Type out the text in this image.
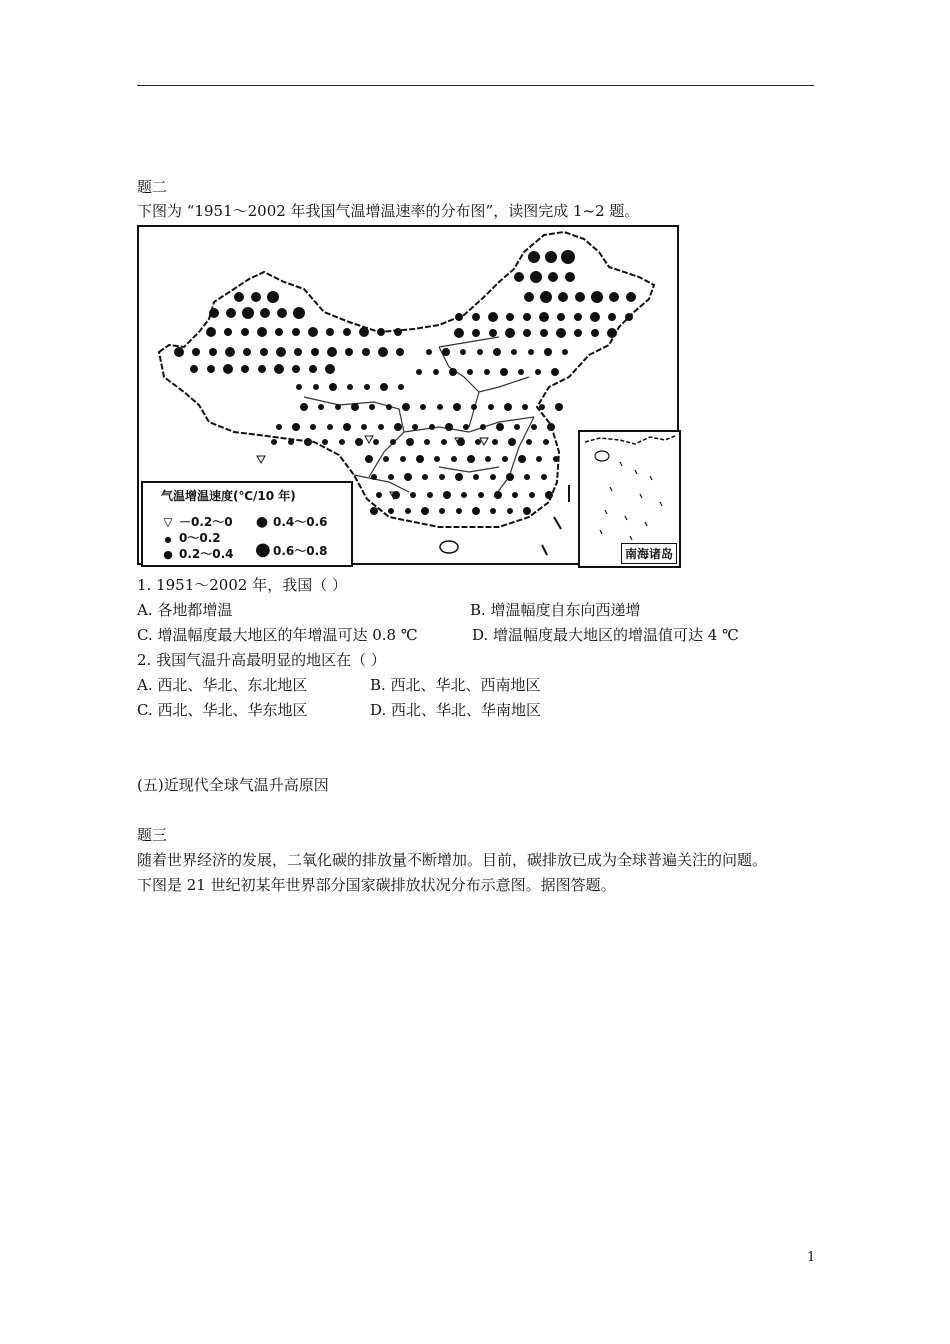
题二
下图为 “1951～2002 年我国气温增温速率的分布图”，读图完成 1~2 题。
气温增温速度(℃/10 年)
▽ －0.2～0 ● 0.4～0.6
● 0～0.2
● 0.2～0.4 ● 0.6～0.8	南海诸岛
1. 1951～2002 年，我国（ ）
A. 各地都增温	B. 增温幅度自东向西递增
C. 增温幅度最大地区的年增温可达 0.8 ℃	D. 增温幅度最大地区的增温值可达 4 ℃
2. 我国气温升高最明显的地区在（ ）
A. 西北、华北、东北地区	B. 西北、华北、西南地区
C. 西北、华北、华东地区	D. 西北、华北、华南地区
(五)近现代全球气温升高原因
题三
随着世界经济的发展，二氧化碳的排放量不断增加。目前，碳排放已成为全球普遍关注的问题。
下图是 21 世纪初某年世界部分国家碳排放状况分布示意图。据图答题。
1
